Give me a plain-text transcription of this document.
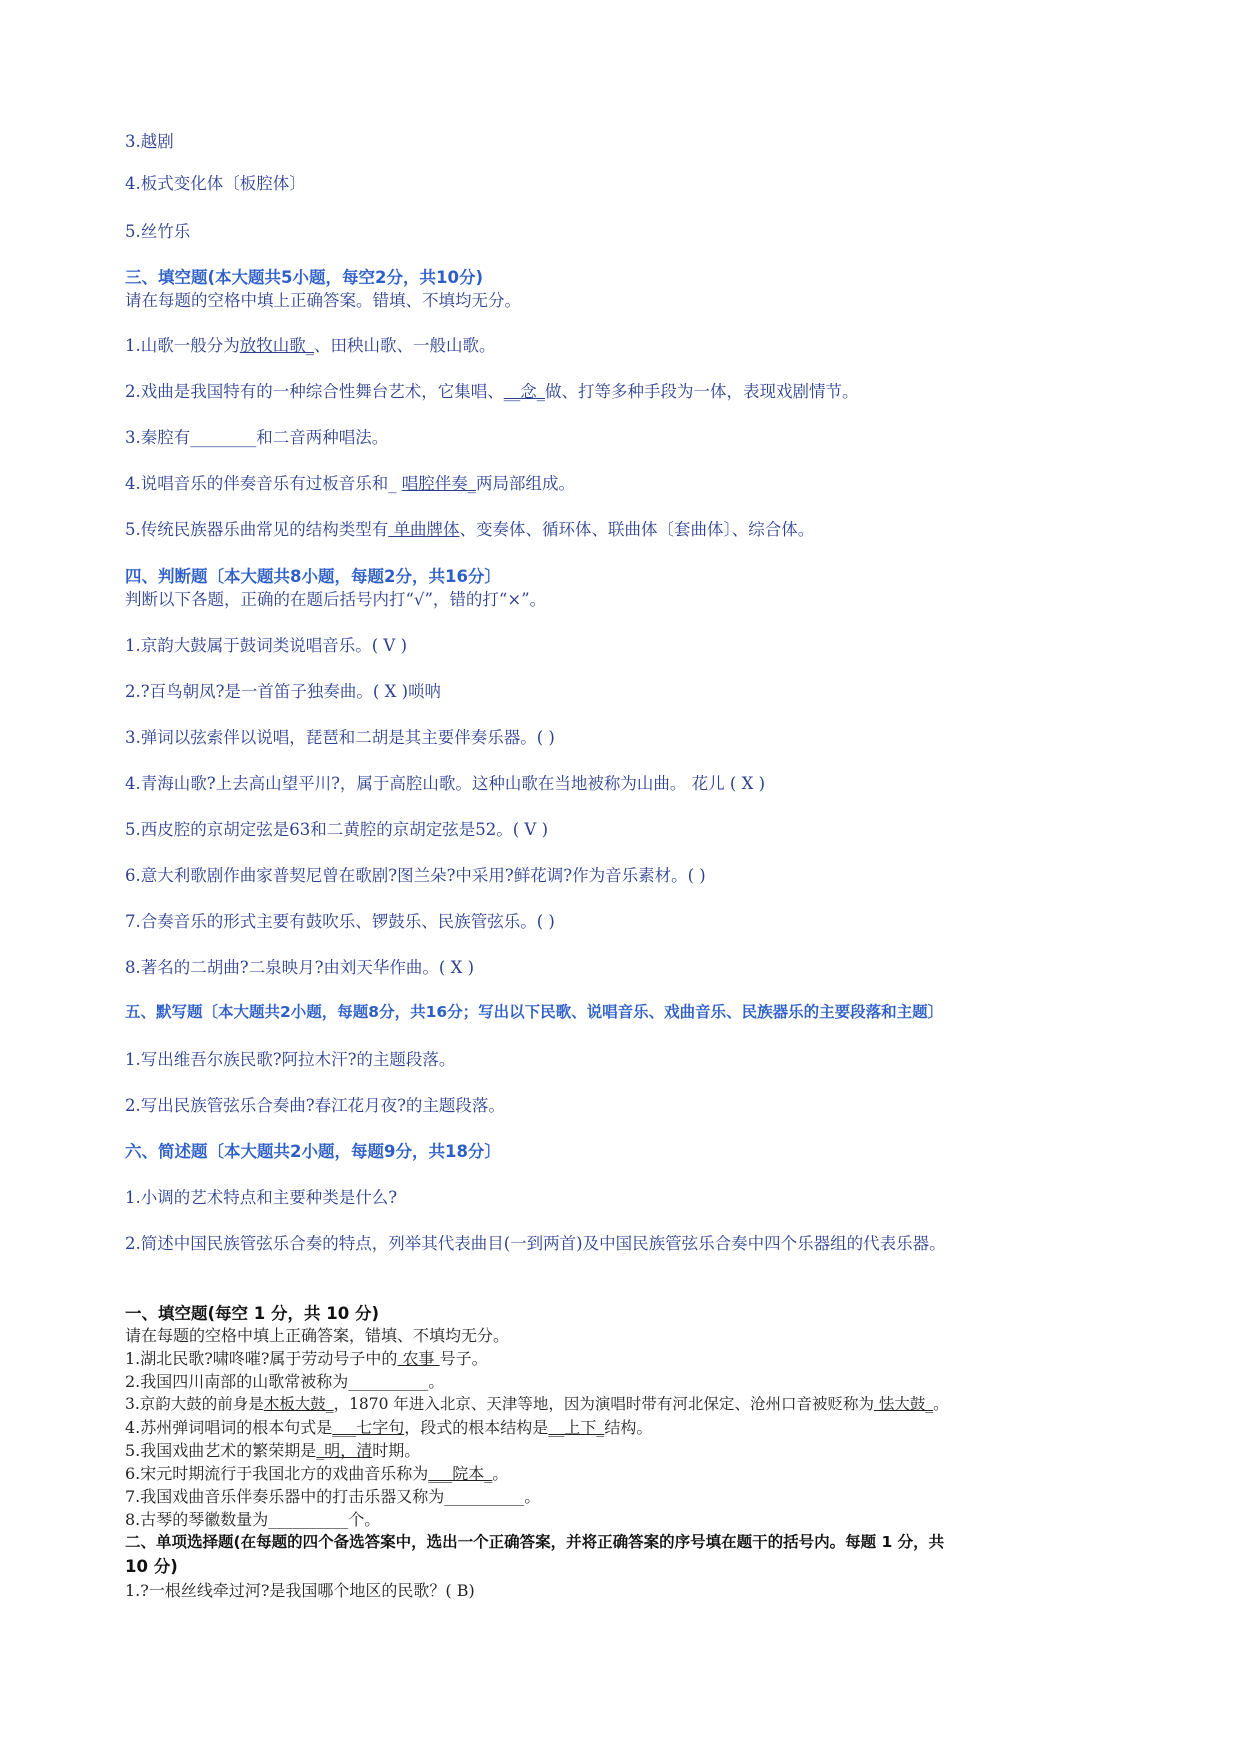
3.越剧
4.板式变化体〔板腔体〕
5.丝竹乐
三、填空题(本大题共5小题，每空2分，共10分)
请在每题的空格中填上正确答案。错填、不填均无分。
1.山歌一般分为放牧山歌_、田秧山歌、一般山歌。
2.戏曲是我国特有的一种综合性舞台艺术，它集唱、__念_做、打等多种手段为一体，表现戏剧情节。
3.秦腔有________和二音两种唱法。
4.说唱音乐的伴奏音乐有过板音乐和_ 唱腔伴奏_两局部组成。
5.传统民族器乐曲常见的结构类型有 单曲牌体、变奏体、循环体、联曲体〔套曲体〕、综合体。
四、判断题〔本大题共8小题，每题2分，共16分〕
判断以下各题，正确的在题后括号内打“√”，错的打“×”。
1.京韵大鼓属于鼓词类说唱音乐。( V )
2.?百鸟朝凤?是一首笛子独奏曲。( X )唢呐
3.弹词以弦索伴以说唱，琵琶和二胡是其主要伴奏乐器。( )
4.青海山歌?上去高山望平川?，属于高腔山歌。这种山歌在当地被称为山曲。 花儿 ( X )
5.西皮腔的京胡定弦是63和二黄腔的京胡定弦是52。( V )
6.意大利歌剧作曲家普契尼曾在歌剧?图兰朵?中采用?鲜花调?作为音乐素材。( )
7.合奏音乐的形式主要有鼓吹乐、锣鼓乐、民族管弦乐。( )
8.著名的二胡曲?二泉映月?由刘天华作曲。( X )
五、默写题〔本大题共2小题，每题8分，共16分；写出以下民歌、说唱音乐、戏曲音乐、民族器乐的主要段落和主题〕
1.写出维吾尔族民歌?阿拉木汗?的主题段落。
2.写出民族管弦乐合奏曲?春江花月夜?的主题段落。
六、简述题〔本大题共2小题，每题9分，共18分〕
1.小调的艺术特点和主要种类是什么?
2.简述中国民族管弦乐合奏的特点，列举其代表曲目(一到两首)及中国民族管弦乐合奏中四个乐器组的代表乐器。
一、填空题(每空 1 分，共 10 分)
请在每题的空格中填上正确答案，错填、不填均无分。
1.湖北民歌?啸咚嗺?属于劳动号子中的 农事 号子。
2.我国四川南部的山歌常被称为__________。
3.京韵大鼓的前身是木板大鼓_，1870 年进入北京、天津等地，因为演唱时带有河北保定、沧州口音被贬称为 怯大鼓_。
4.苏州弹词唱词的根本句式是___七字句，段式的根本结构是__上下_结构。
5.我国戏曲艺术的繁荣期是_明，清时期。
6.宋元时期流行于我国北方的戏曲音乐称为___院本_。
7.我国戏曲音乐伴奏乐器中的打击乐器又称为__________。
8.古琴的琴徽数量为__________个。
二、单项选择题(在每题的四个备选答案中，选出一个正确答案，并将正确答案的序号填在题干的括号内。每题 1 分，共
10 分)
1.?一根丝线牵过河?是我国哪个地区的民歌？( B)
